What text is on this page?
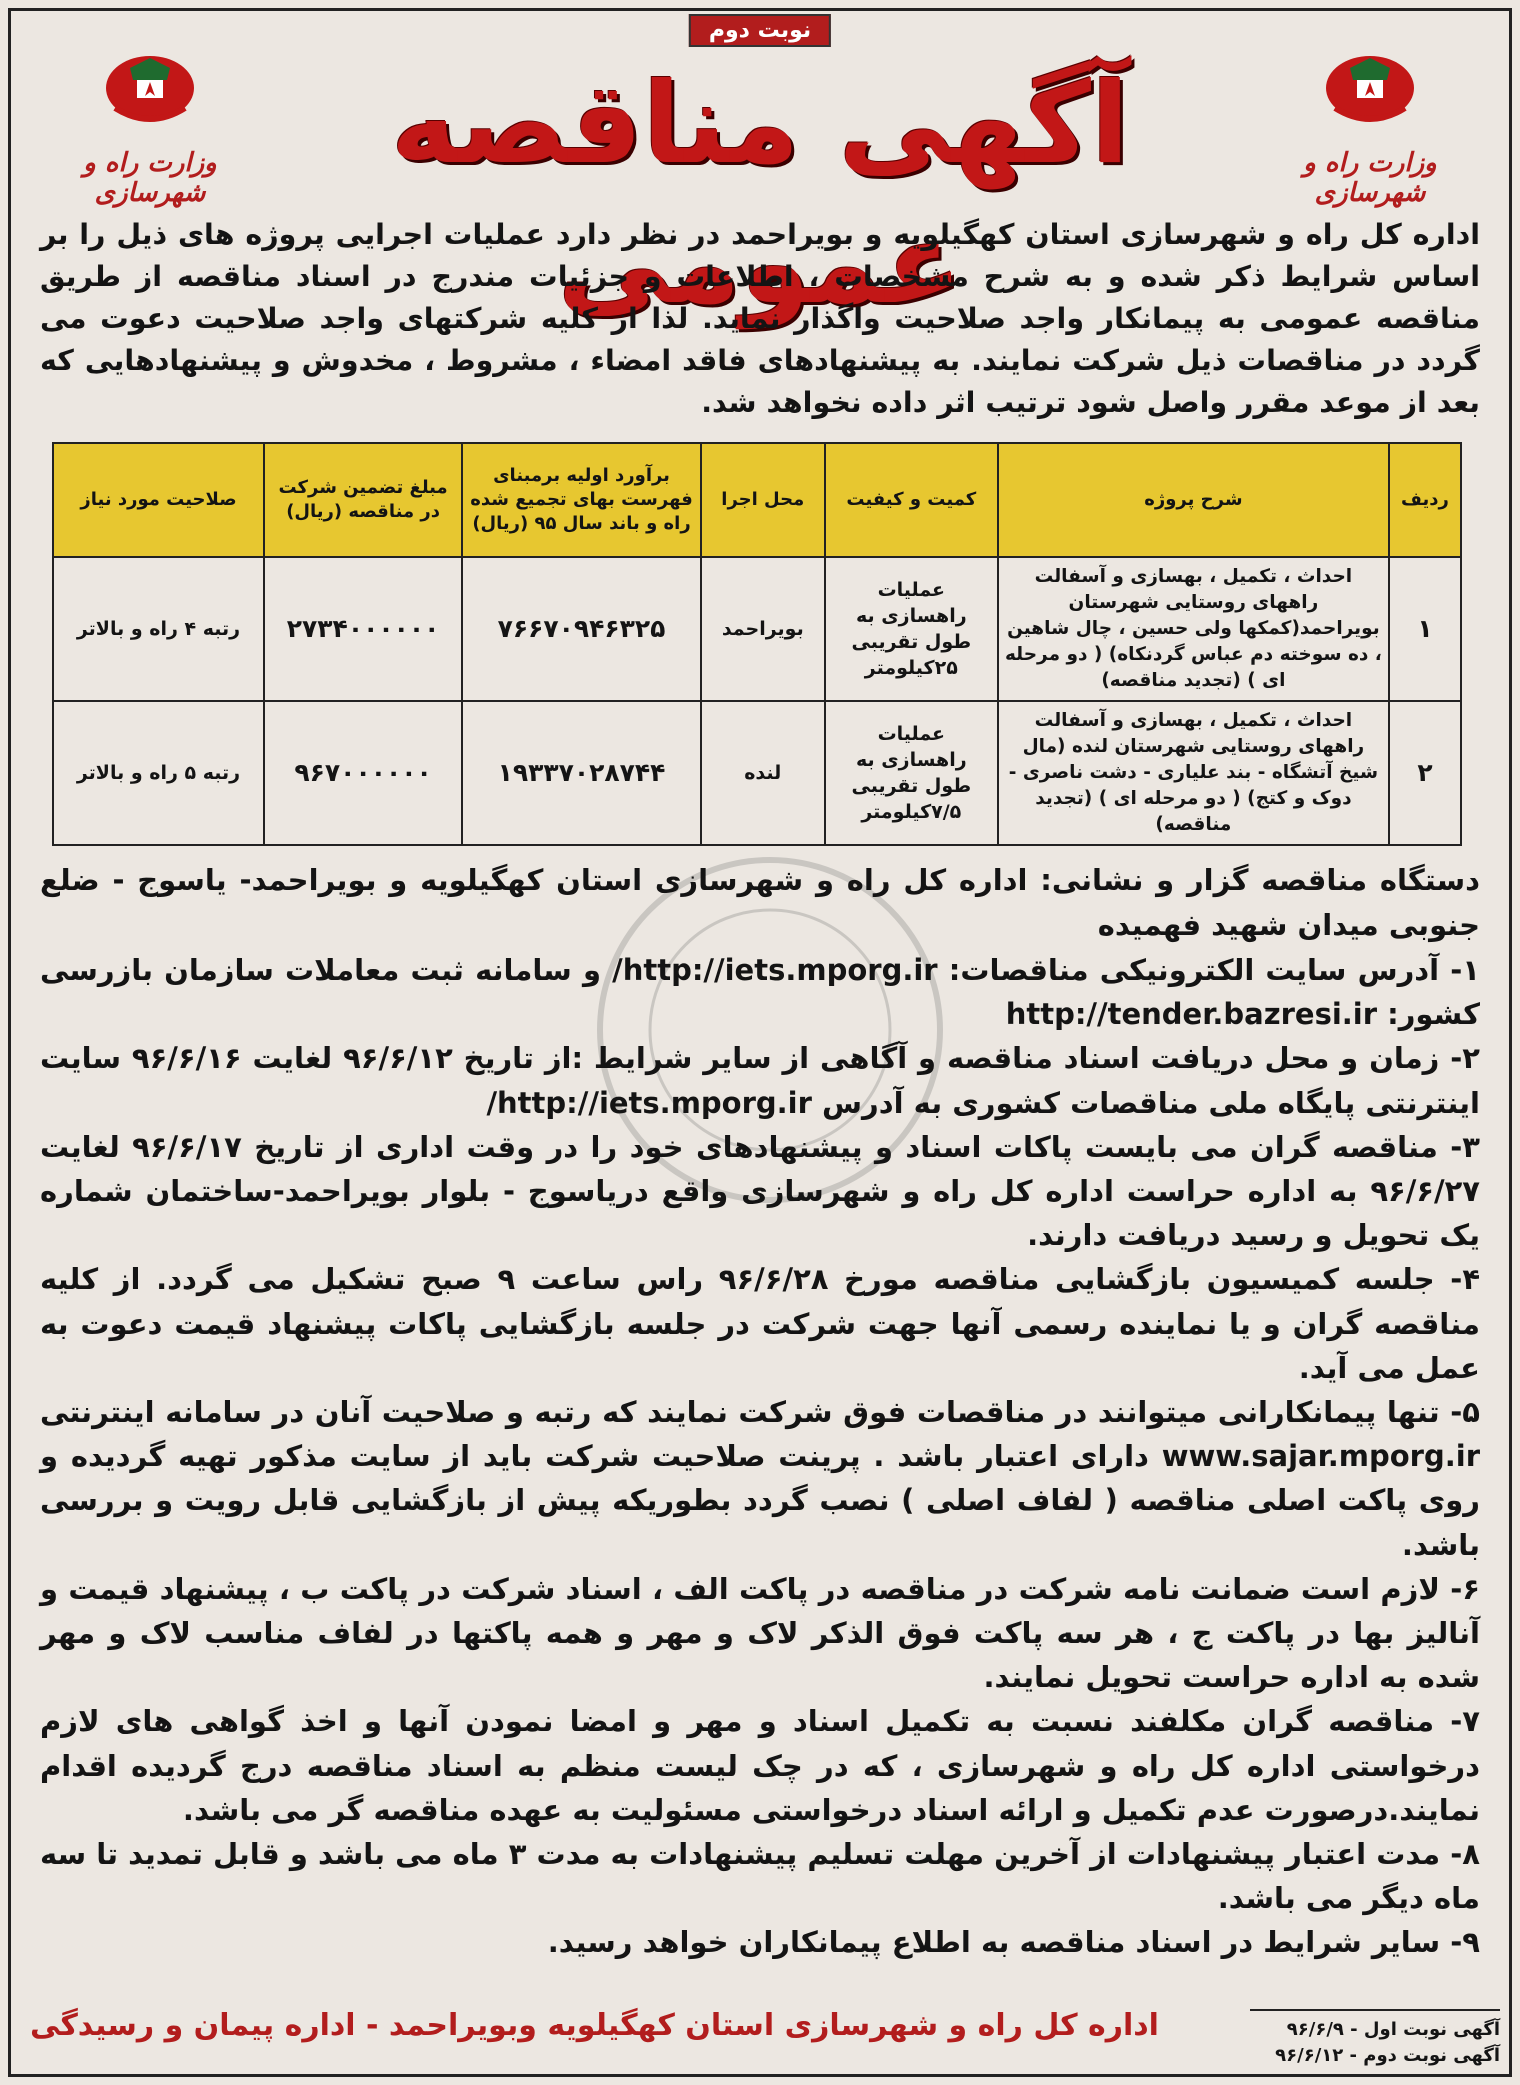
نوبت دوم
وزارت راه و شهرسازی
آگهی مناقصه عمومی
وزارت راه و شهرسازی
اداره کل راه و شهرسازی استان کهگیلویه و بویراحمد در نظر دارد عملیات اجرایی پروژه های ذیل را بر اساس شرایط ذکر شده و به شرح مشخصات ، اطلاعات و جزئیات مندرج در اسناد مناقصه از طریق مناقصه عمومی به پیمانکار واجد صلاحیت واگذار نماید. لذا از کلیه شرکتهای واجد صلاحیت دعوت می گردد در مناقصات ذیل شرکت نمایند. به پیشنهادهای فاقد امضاء ، مشروط ، مخدوش و پیشنهادهایی که بعد از موعد مقرر واصل شود ترتیب اثر داده نخواهد شد.
ردیف	شرح پروژه	کمیت و کیفیت	محل اجرا	برآورد اولیه برمبنای فهرست بهای تجمیع شده راه و باند سال ۹۵ (ریال)	مبلغ تضمین شرکت در مناقصه (ریال)	صلاحیت مورد نیاز
۱	احداث ، تکمیل ، بهسازی و آسفالت راههای روستایی شهرستان بویراحمد(کمکها ولی حسین ، چال شاهین ، ده سوخته دم عباس گردنکاه) ( دو مرحله ای ) (تجدید مناقصه)	عملیات راهسازی به طول تقریبی ۲۵کیلومتر	بویراحمد	۷۶۶۷۰۹۴۶۳۲۵	۲۷۳۴۰۰۰۰۰۰	رتبه ۴ راه و بالاتر
۲	احداث ، تکمیل ، بهسازی و آسفالت راههای روستایی شهرستان لنده (مال شیخ آتشگاه - بند علیاری - دشت ناصری - دوک و کتج) ( دو مرحله ای ) (تجدید مناقصه)	عملیات راهسازی به طول تقریبی ۷/۵کیلومتر	لنده	۱۹۳۳۷۰۲۸۷۴۴	۹۶۷۰۰۰۰۰۰	رتبه ۵ راه و بالاتر
دستگاه مناقصه گزار و نشانی: اداره کل راه و شهرسازی استان کهگیلویه و بویراحمد- یاسوج - ضلع جنوبی میدان شهید فهمیده

۱- آدرس سایت الکترونیکی مناقصات: http://iets.mporg.ir/ و سامانه ثبت معاملات سازمان بازرسی کشور: http://tender.bazresi.ir

۲- زمان و محل دریافت اسناد مناقصه و آگاهی از سایر شرایط :از تاریخ ۹۶/۶/۱۲ لغایت ۹۶/۶/۱۶ سایت اینترنتی پایگاه ملی مناقصات کشوری به آدرس http://iets.mporg.ir/

۳- مناقصه گران می بایست پاکات اسناد و پیشنهادهای خود را در وقت اداری از تاریخ ۹۶/۶/۱۷ لغایت ۹۶/۶/۲۷ به اداره حراست اداره کل راه و شهرسازی واقع دریاسوج - بلوار بویراحمد-ساختمان شماره یک تحویل و رسید دریافت دارند.

۴- جلسه کمیسیون بازگشایی مناقصه مورخ ۹۶/۶/۲۸ راس ساعت ۹ صبح تشکیل می گردد. از کلیه مناقصه گران و یا نماینده رسمی آنها جهت شرکت در جلسه بازگشایی پاکات پیشنهاد قیمت دعوت به عمل می آید.

۵- تنها پیمانکارانی میتوانند در مناقصات فوق شرکت نمایند که رتبه و صلاحیت آنان در سامانه اینترنتی www.sajar.mporg.ir دارای اعتبار باشد . پرینت صلاحیت شرکت باید از سایت مذکور تهیه گردیده و روی پاکت اصلی مناقصه ( لفاف اصلی ) نصب گردد بطوریکه پیش از بازگشایی قابل رویت و بررسی باشد.

۶- لازم است ضمانت نامه شرکت در مناقصه در پاکت الف ، اسناد شرکت در پاکت ب ، پیشنهاد قیمت و آنالیز بها در پاکت ج ، هر سه پاکت فوق الذکر لاک و مهر و همه پاکتها در لفاف مناسب لاک و مهر شده به اداره حراست تحویل نمایند.

۷- مناقصه گران مکلفند نسبت به تکمیل اسناد و مهر و امضا نمودن آنها و اخذ گواهی های لازم درخواستی اداره کل راه و شهرسازی ، که در چک لیست منظم به اسناد مناقصه درج گردیده اقدام نمایند.درصورت عدم تکمیل و ارائه اسناد درخواستی مسئولیت به عهده مناقصه گر می باشد.

۸- مدت اعتبار پیشنهادات از آخرین مهلت تسلیم پیشنهادات به مدت ۳ ماه می باشد و قابل تمدید تا سه ماه دیگر می باشد.

۹- سایر شرایط در اسناد مناقصه به اطلاع پیمانکاران خواهد رسید.

اداره کل راه و شهرسازی استان کهگیلویه وبویراحمد - اداره پیمان و رسیدگی	آگهی نوبت اول - ۹۶/۶/۹
آگهی نوبت دوم - ۹۶/۶/۱۲
